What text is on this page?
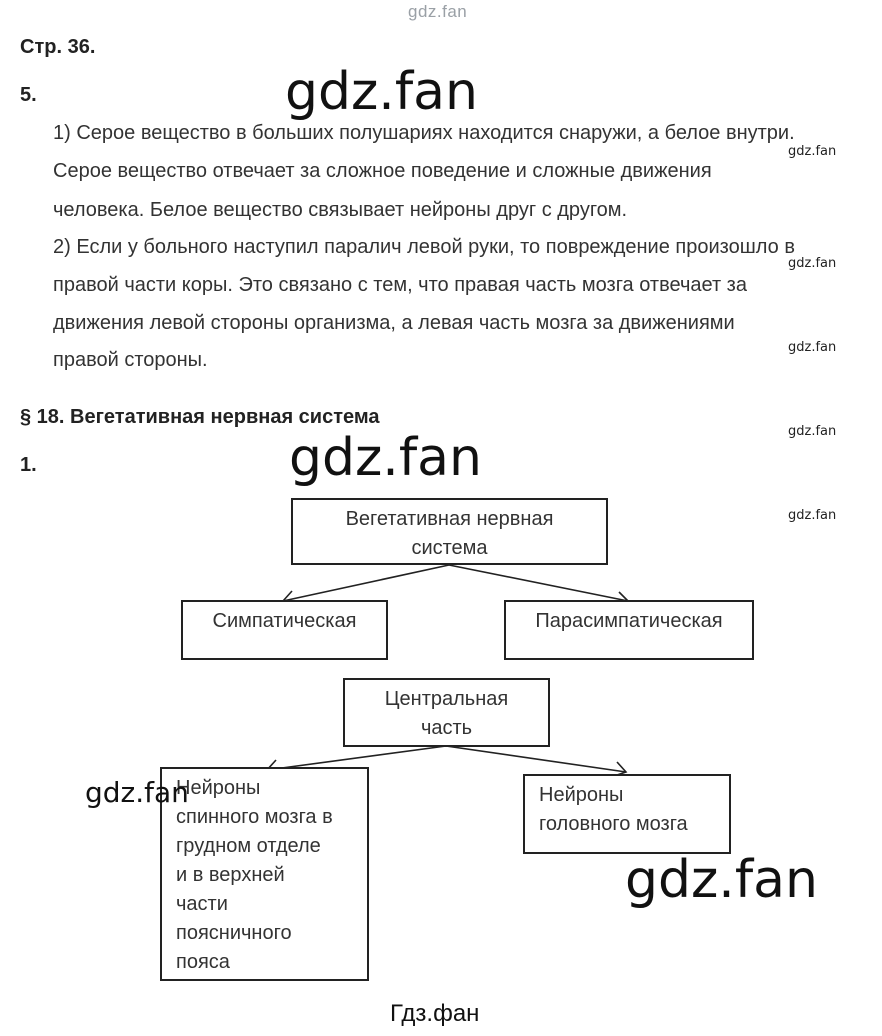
gdz.fan
Стр. 36.
5.	gdz.fan
1) Серое вещество в больших полушариях находится снаружи, а белое внутри.
Серое вещество отвечает за сложное поведение и сложные движения
человека. Белое вещество связывает нейроны друг с другом.
2) Если у больного наступил паралич левой руки, то повреждение произошло в
правой части коры. Это связано с тем, что правая часть мозга отвечает за
движения левой стороны организма, а левая часть мозга за движениями
правой стороны.
gdz.fan
gdz.fan
gdz.fan
gdz.fan
gdz.fan
§ 18. Вегетативная нервная система
1.	gdz.fan
Вегетативная нервная
система
Симпатическая	Парасимпатическая
Центральная
часть
Нейроны
спинного мозга в
грудном отделе
и в верхней
части
поясничного
пояса
Нейроны
головного мозга
gdz.fan
gdz.fan
Гдз.фан
